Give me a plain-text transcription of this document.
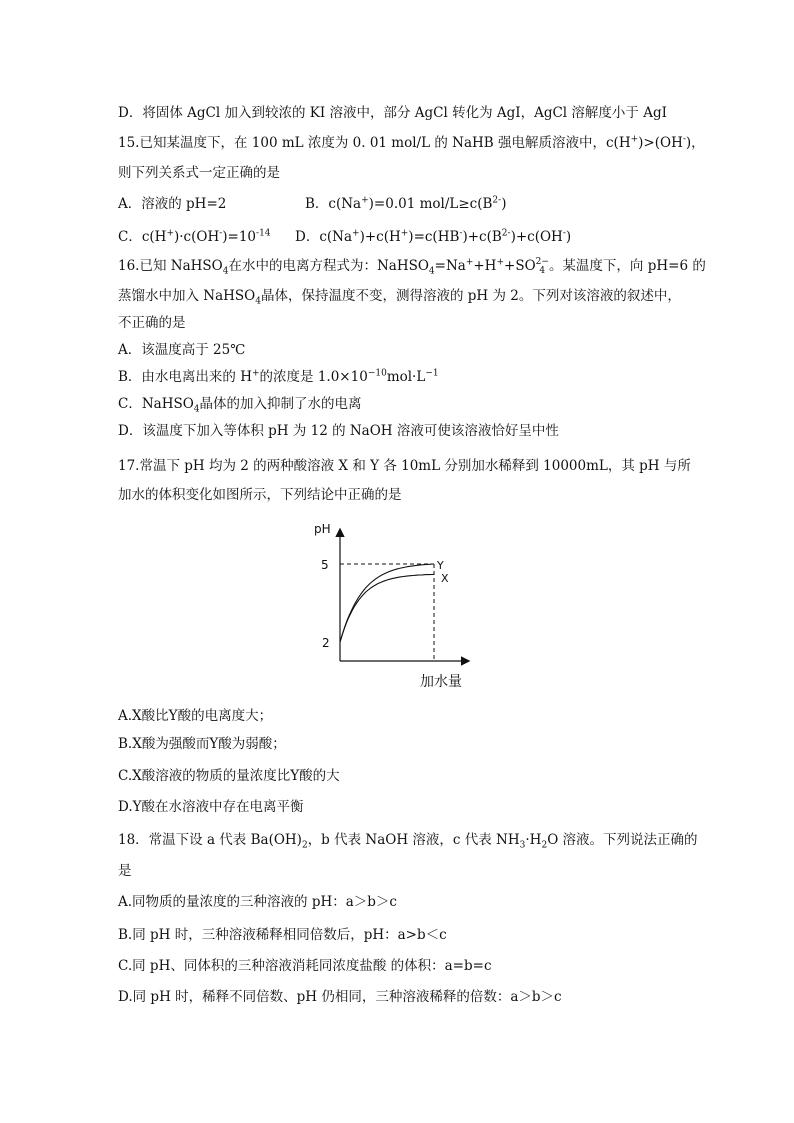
D．将固体 AgCl 加入到较浓的 KI 溶液中，部分 AgCl 转化为 AgI，AgCl 溶解度小于 AgI
15.已知某温度下，在 100 mL 浓度为 0. 01 mol/L 的 NaHB 强电解质溶液中，c(H+)>(OH-)，
则下列关系式一定正确的是
A．溶液的 pH=2	B．c(Na+)=0.01 mol/$L\ge c(B^{2-})$
C．$c(H^+)\cdot c(OH^-)=10^{-14}$ D．$c(Na^+)+c(H^+)=c(HB^-)+c(B^{2-})+c(OH^-)$
16.已知 NaHSO$_4$在水中的电离方程式为：NaHSO$_4$=Na++H++SO 2−
4 。某温度下，向 pH=6 的
蒸馏水中加入 NaHSO$_4$晶体，保持温度不变，测得溶液的 pH 为 2。下列对该溶液的叙述中，
不正确的是
A．该温度高于 25℃
B．由水电离出来的 H+的浓度是 $1.0\times 10^{-10}mol\cdot L^{-1}$
C．NaHSO$_4$晶体的加入抑制了水的电离
D．该温度下加入等体积 pH 为 12 的 NaOH 溶液可使该溶液恰好呈中性
17.常温下 pH 均为 2 的两种酸溶液 X 和 Y 各 10mL 分别加水稀释到 10000mL，其 pH 与所
加水的体积变化如图所示，下列结论中正确的是
pH
5
2
Y
X
加水量
A.X酸比Y酸的电离度大；
B.X酸为强酸而Y酸为弱酸；
C.X酸溶液的物质的量浓度比Y酸的大
D.Y酸在水溶液中存在电离平衡
18．常温下设 a 代表 $Ba(OH)_2$，b 代表 NaOH 溶液，c 代表 $NH_3\cdot H_2O$ 溶液。下列说法正确的
是
A.同物质的量浓度的三种溶液的 pH：a＞b＞c
B.同 pH 时，三种溶液稀释相同倍数后，pH：a>b＜c
C.同 pH、同体积的三种溶液消耗同浓度盐酸 的体积：a=b=c
D.同 pH 时，稀释不同倍数、pH 仍相同，三种溶液稀释的倍数：a＞b＞c
